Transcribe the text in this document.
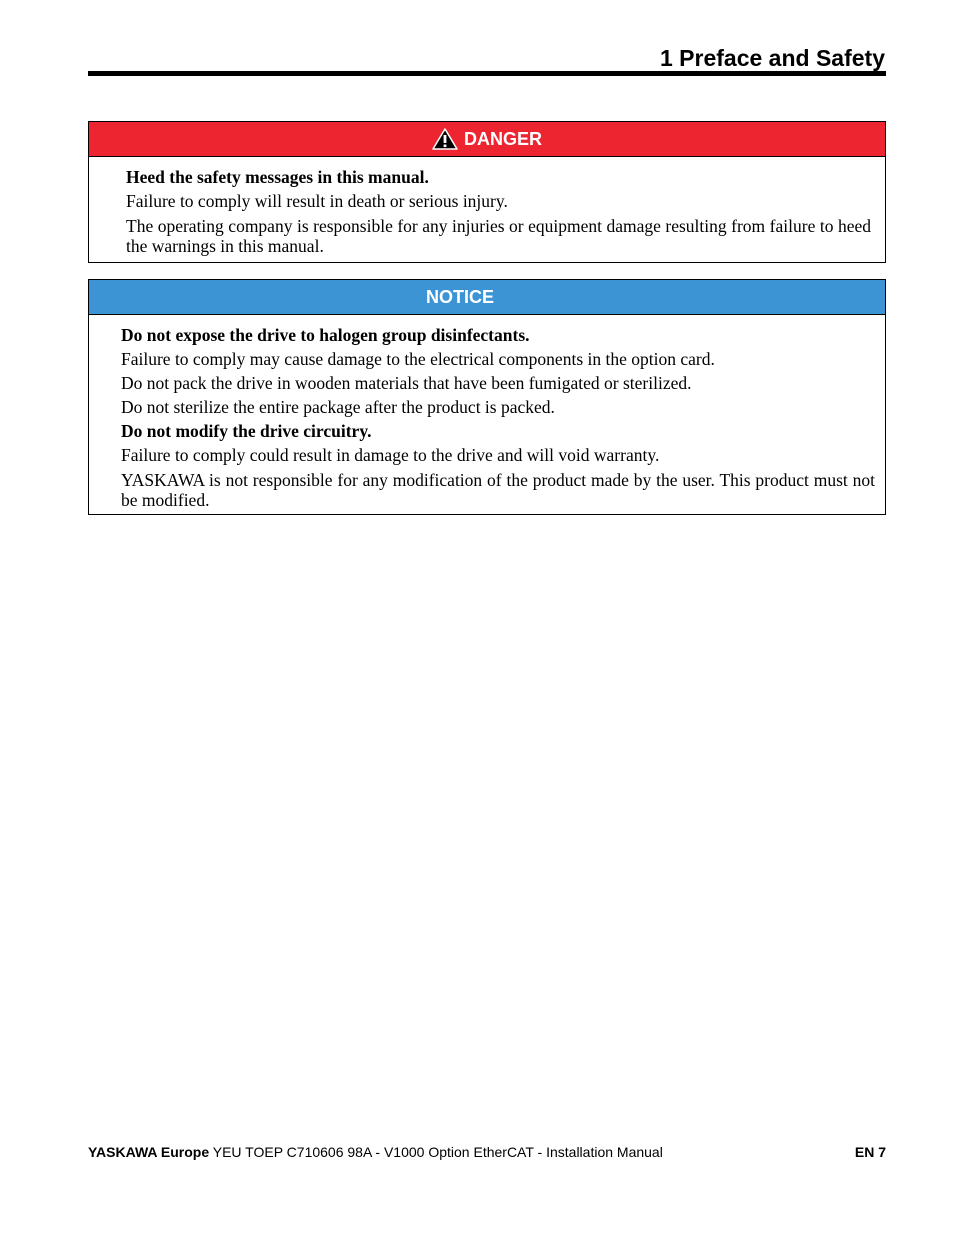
1 Preface and Safety
DANGER

Heed the safety messages in this manual.

Failure to comply will result in death or serious injury.

The operating company is responsible for any injuries or equipment damage resulting from failure to heed the warnings in this manual.

NOTICE

Do not expose the drive to halogen group disinfectants.

Failure to comply may cause damage to the electrical components in the option card.

Do not pack the drive in wooden materials that have been fumigated or sterilized.

Do not sterilize the entire package after the product is packed.

Do not modify the drive circuitry.

Failure to comply could result in damage to the drive and will void warranty.

YASKAWA is not responsible for any modification of the product made by the user. This product must not be modified.

YASKAWA Europe YEU TOEP C710606 98A - V1000 Option EtherCAT - Installation Manual	EN 7
